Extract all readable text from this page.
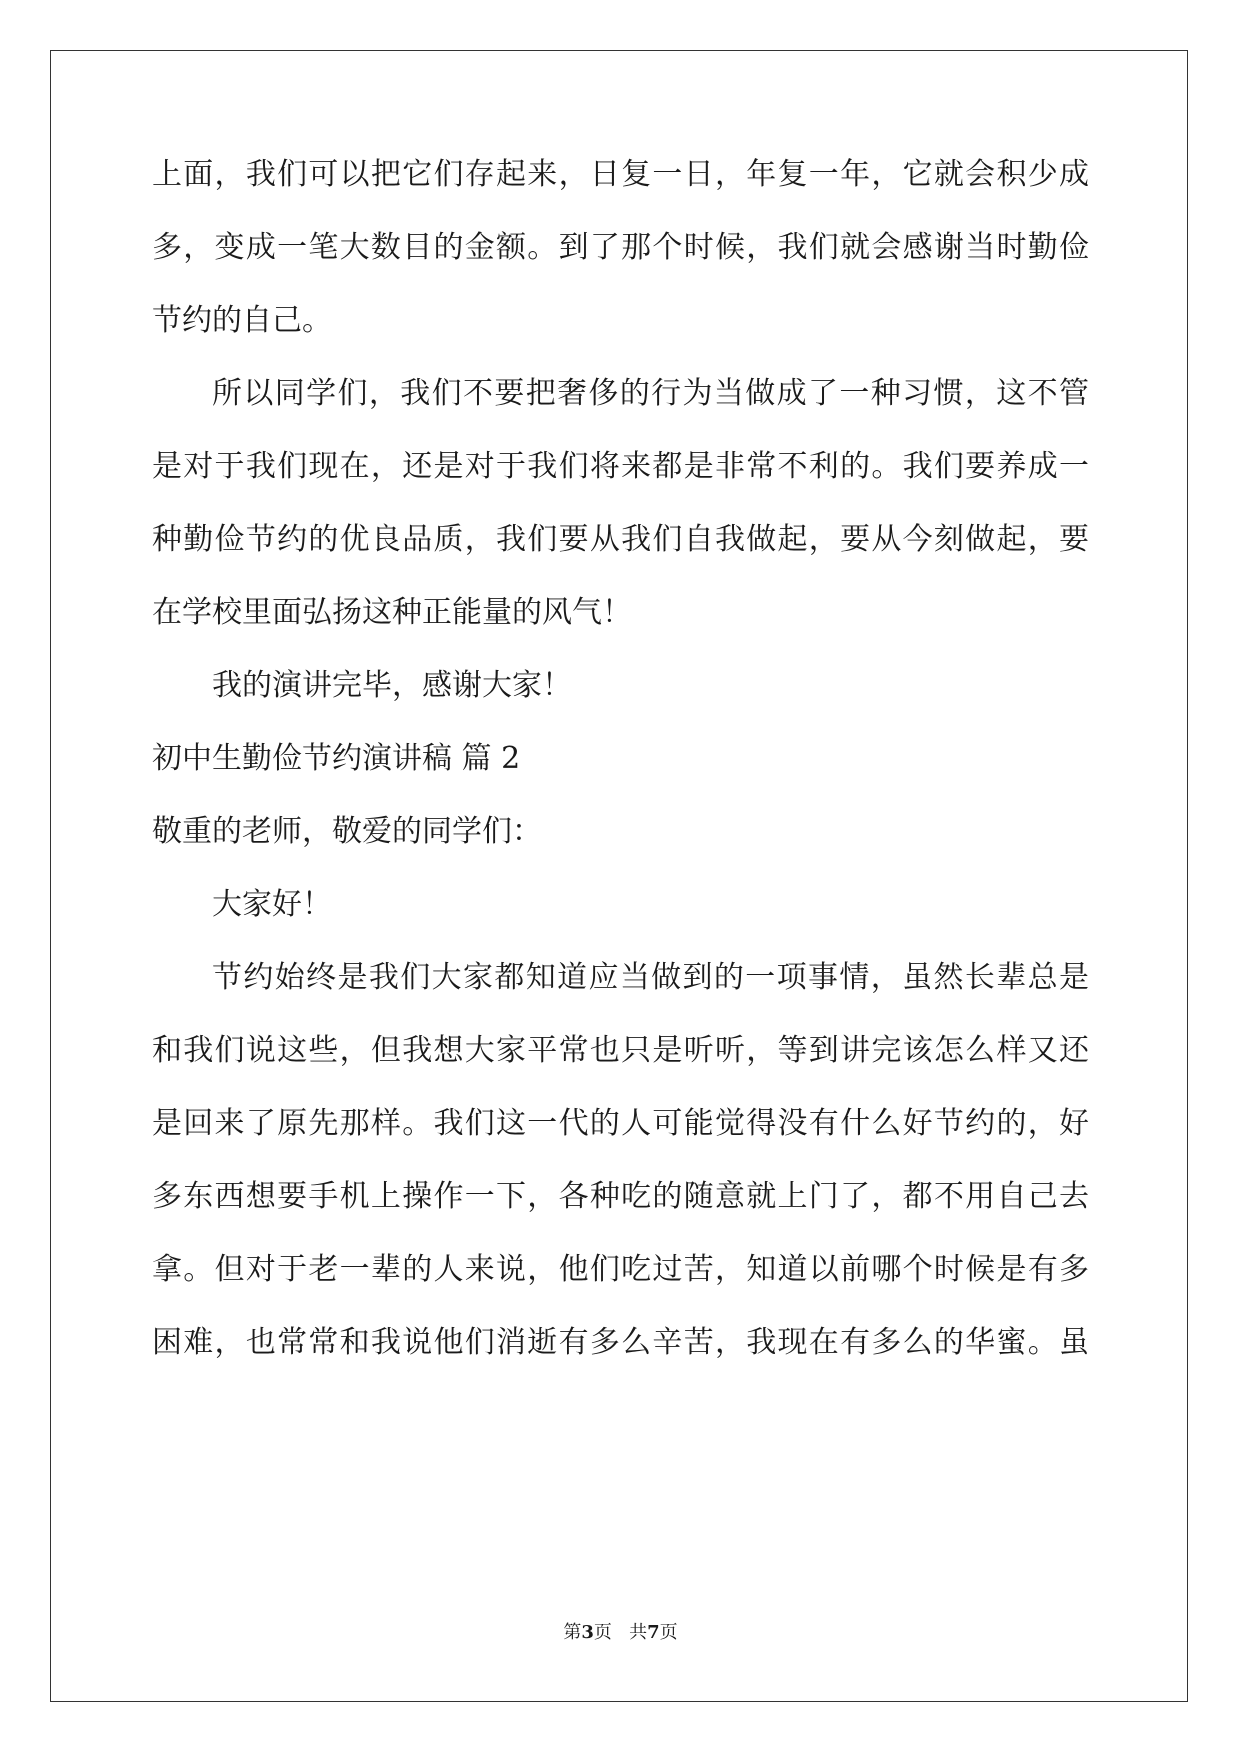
上面，我们可以把它们存起来，日复一日，年复一年，它就会积少成
多，变成一笔大数目的金额。到了那个时候，我们就会感谢当时勤俭
节约的自己。
所以同学们，我们不要把奢侈的行为当做成了一种习惯，这不管
是对于我们现在，还是对于我们将来都是非常不利的。我们要养成一
种勤俭节约的优良品质，我们要从我们自我做起，要从今刻做起，要
在学校里面弘扬这种正能量的风气！
我的演讲完毕，感谢大家！
初中生勤俭节约演讲稿 篇 2
敬重的老师，敬爱的同学们：
大家好！
节约始终是我们大家都知道应当做到的一项事情，虽然长辈总是
和我们说这些，但我想大家平常也只是听听，等到讲完该怎么样又还
是回来了原先那样。我们这一代的人可能觉得没有什么好节约的，好
多东西想要手机上操作一下，各种吃的随意就上门了，都不用自己去
拿。但对于老一辈的人来说，他们吃过苦，知道以前哪个时候是有多
困难，也常常和我说他们消逝有多么辛苦，我现在有多么的华蜜。虽
第3页 共7页
